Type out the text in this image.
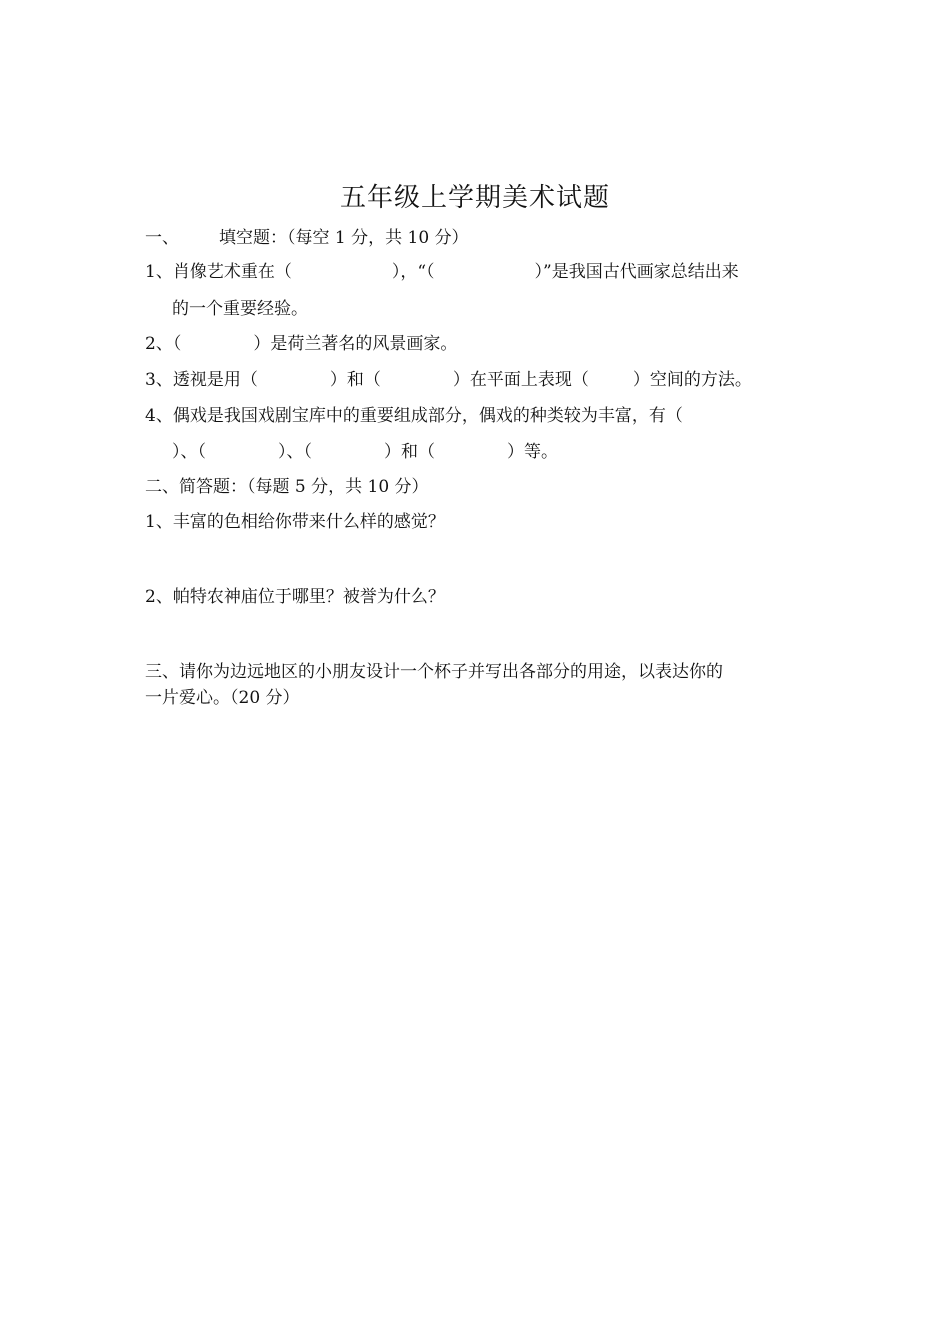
五年级上学期美术试题
一、 填空题：（每空 1 分，共 10 分）
1、肖像艺术重在（	），“（	）”是我国古代画家总结出来
的一个重要经验。
2、（	）是荷兰著名的风景画家。
3、透视是用（	）和（	）在平面上表现（	）空间的方法。
4、偶戏是我国戏剧宝库中的重要组成部分，偶戏的种类较为丰富，有（
）、（	）、（	）和（	）等。
二、简答题：（每题 5 分，共 10 分）
1、丰富的色相给你带来什么样的感觉？
2、帕特农神庙位于哪里？被誉为什么？
三、请你为边远地区的小朋友设计一个杯子并写出各部分的用途，以表达你的
一片爱心。（20 分）
